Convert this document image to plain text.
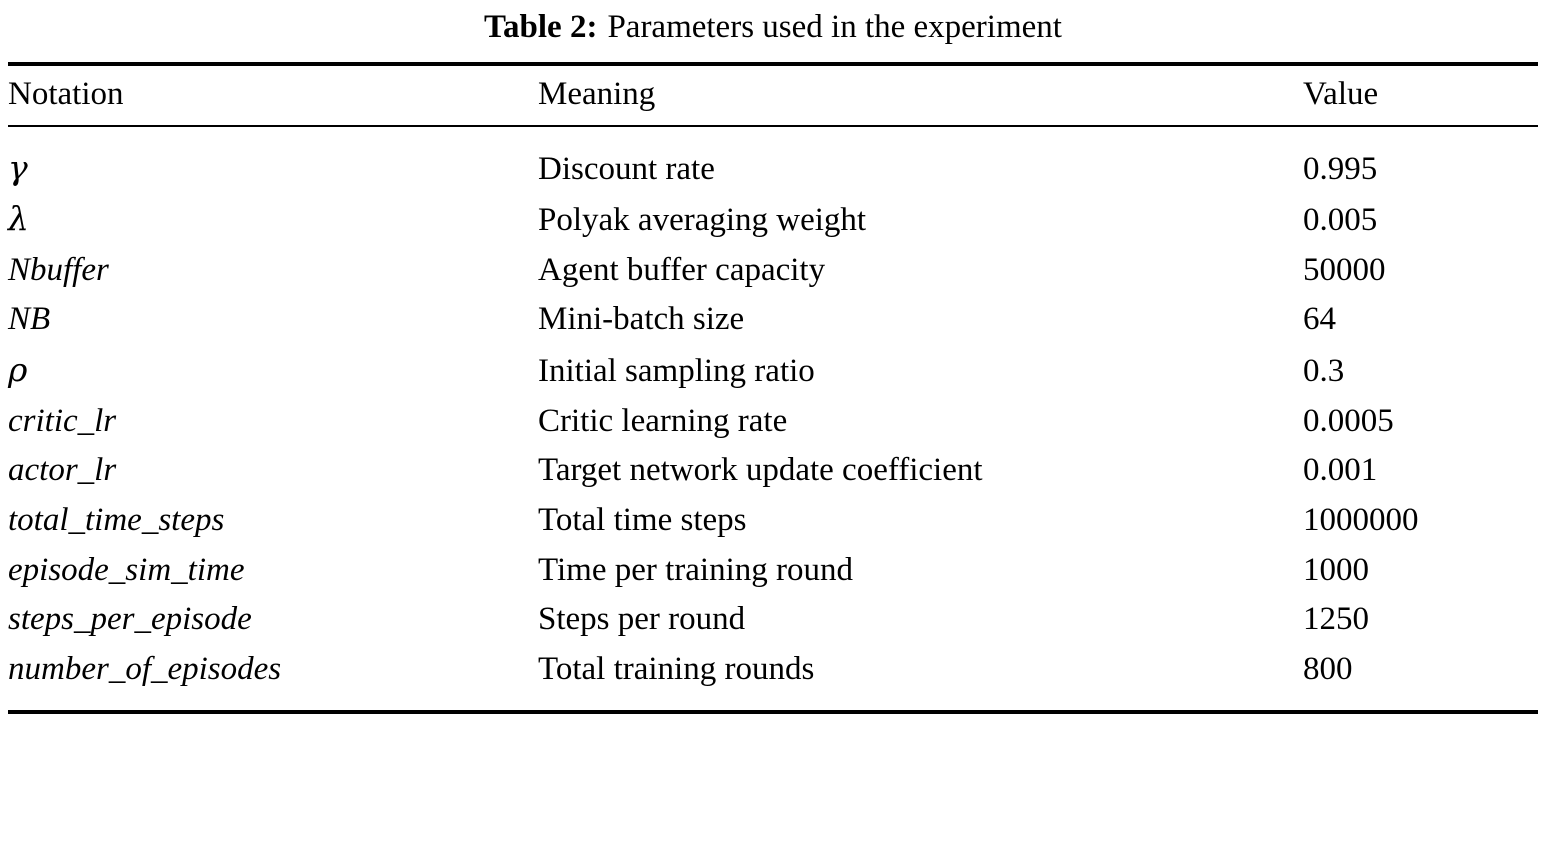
Table 2: Parameters used in the experiment
Notation	Meaning	Value

γ	Discount rate	0.995
λ	Polyak averaging weight	0.005
Nbuffer	Agent buffer capacity	50000
NB	Mini-batch size	64
ρ	Initial sampling ratio	0.3
critic_lr	Critic learning rate	0.0005
actor_lr	Target network update coefficient	0.001
total_time_steps	Total time steps	1000000
episode_sim_time	Time per training round	1000
steps_per_episode	Steps per round	1250
number_of_episodes	Total training rounds	800
